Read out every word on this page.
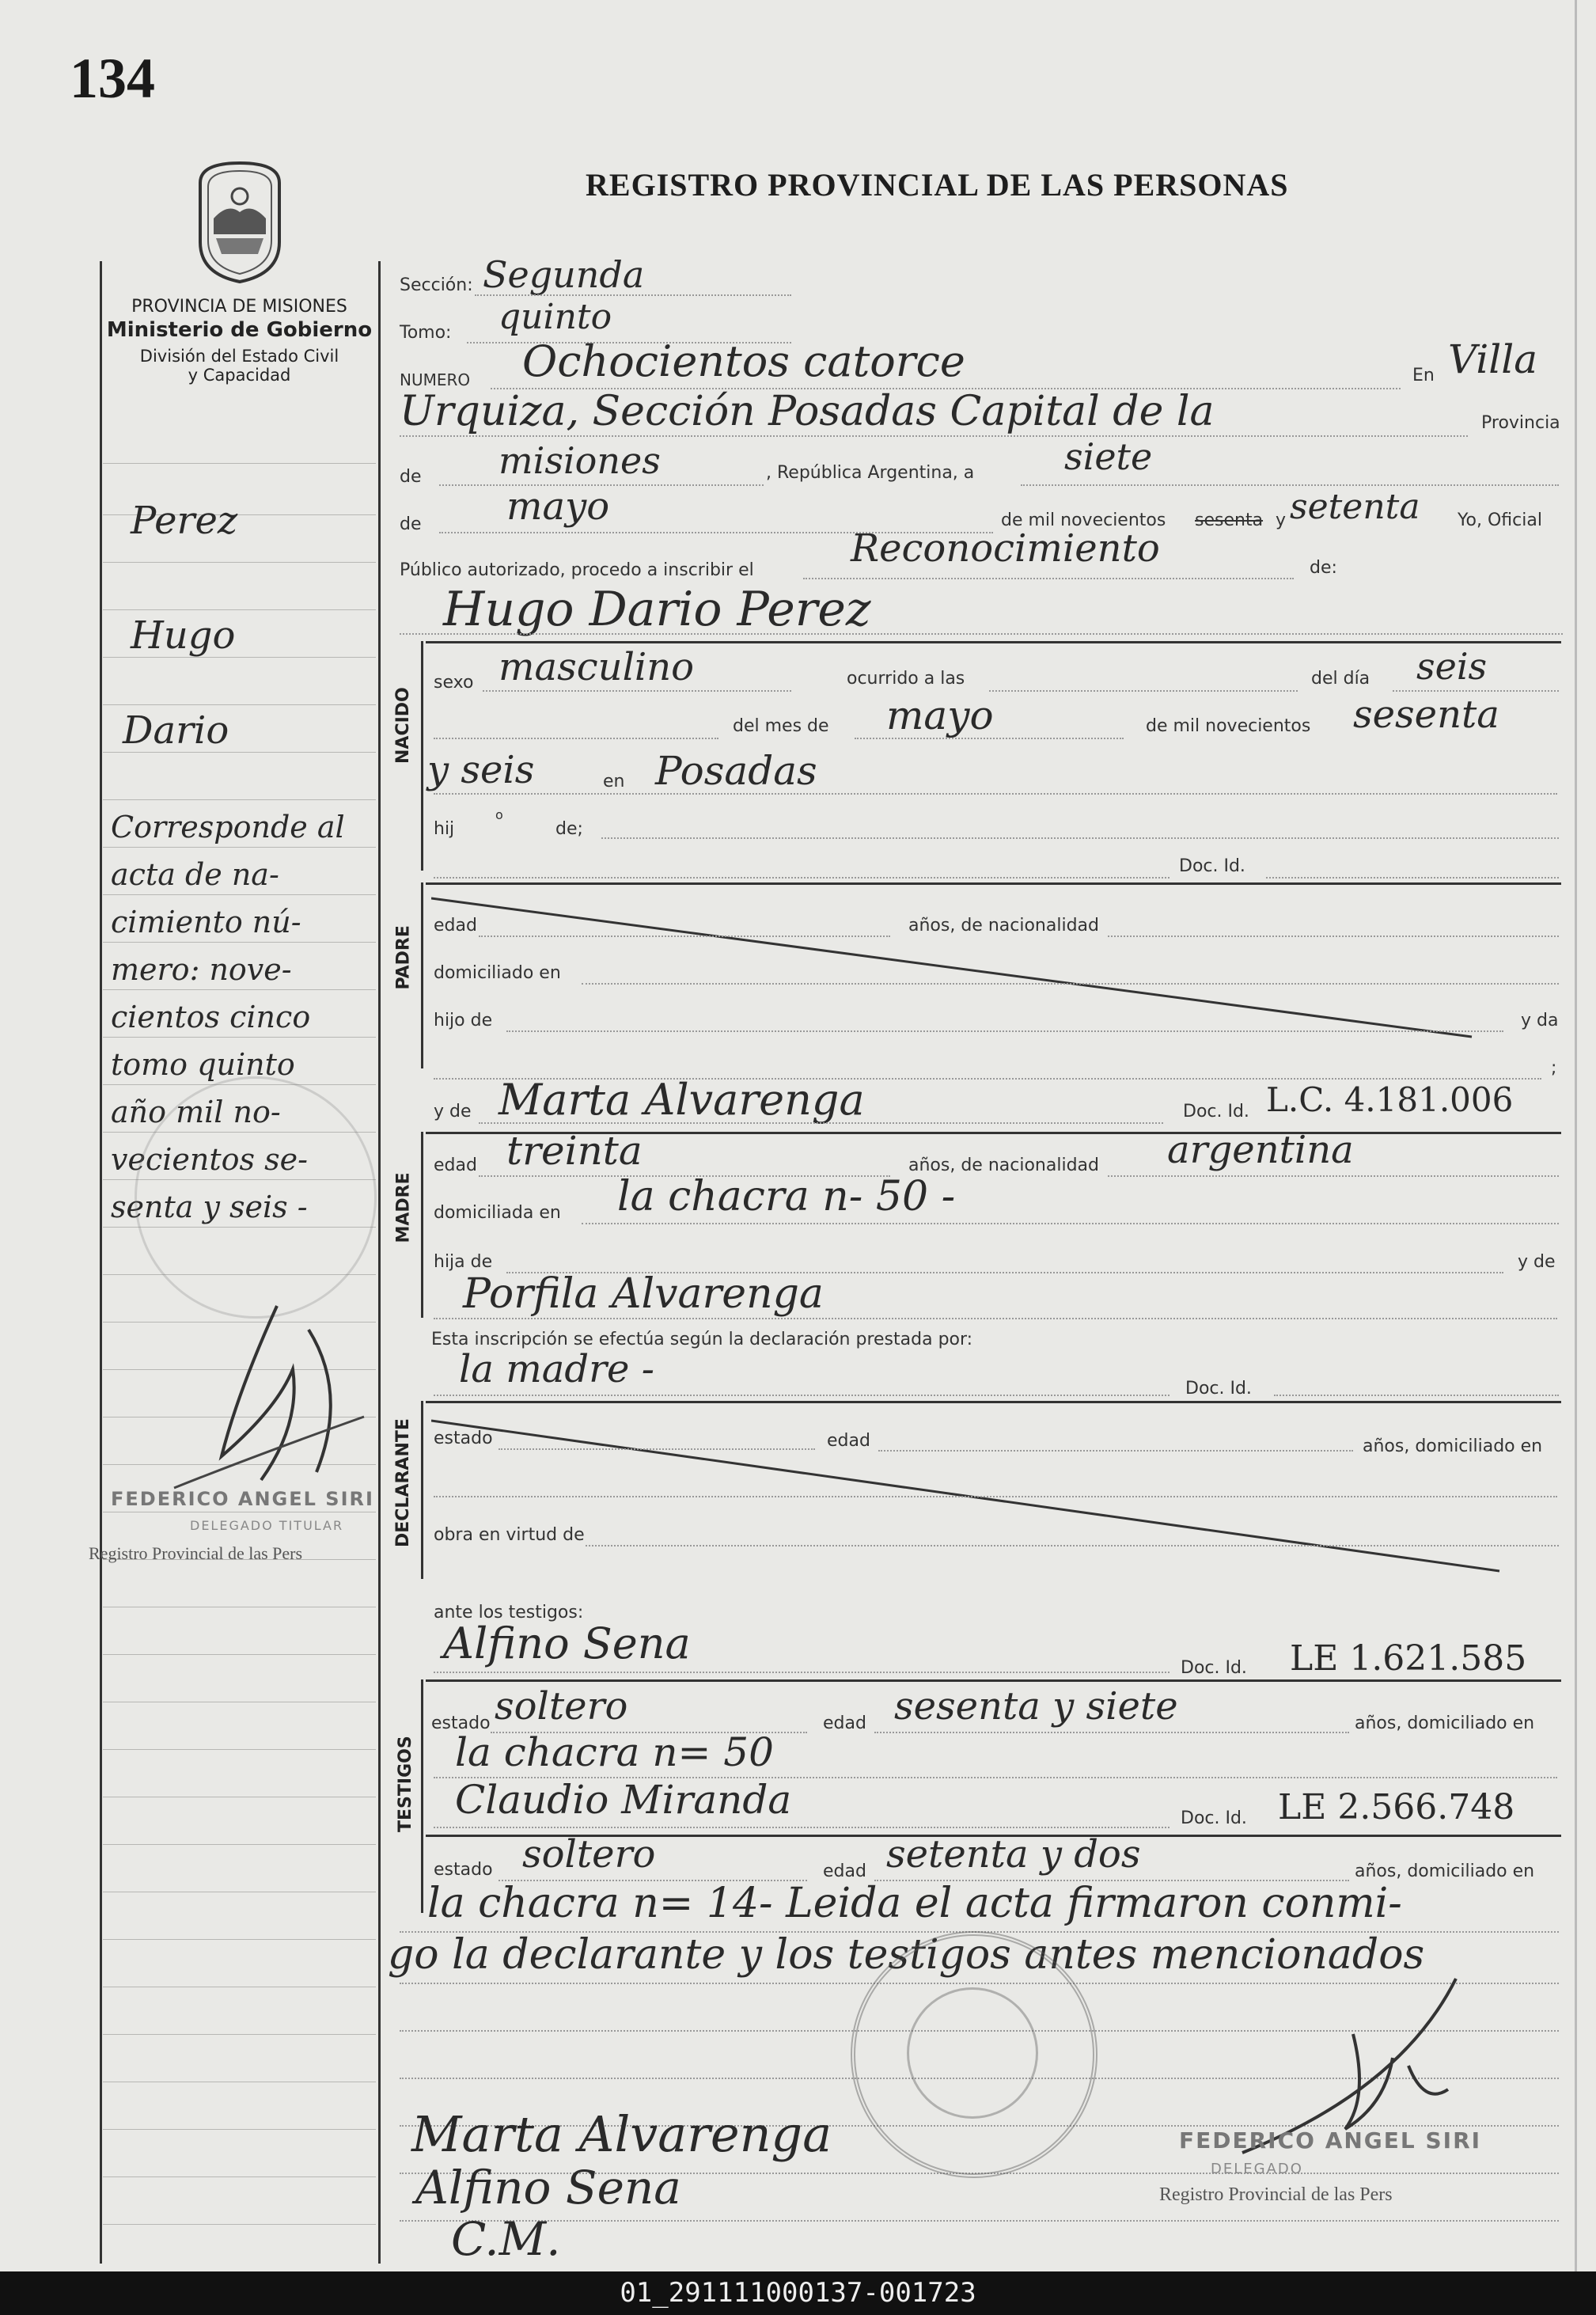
134
REGISTRO PROVINCIAL DE LAS PERSONAS
PROVINCIA DE MISIONES
Ministerio de Gobierno
División del Estado Civil
y Capacidad
Perez
Hugo
Dario
Corresponde al
acta de na-
cimiento nú-
mero: nove-
cientos cinco
tomo quinto
año mil no-
vecientos se-
senta y seis -
FEDERICO ANGEL SIRI
DELEGADO TITULAR
Registro Provincial de las Pers
Sección: Segunda
Tomo: quinto
NUMERO Ochocientos catorce	En Villa
Urquiza, Sección Posadas Capital de la	Provincia
de misiones	, República Argentina, a siete
de mayo	de mil novecientos sesenta y setenta Yo, Oficial
Público autorizado, procedo a inscribir el	Reconocimiento	de:
Hugo Dario Perez
NACIDO
sexo masculino	ocurrido a las	del día seis
del mes de mayo	de mil novecientos sesenta
y seis	en Posadas
hij
o
de;
Doc. Id.
PADRE edad	años, de nacionalidad
domiciliado en
hijo de	y da
;
y de Marta Alvarenga	Doc. Id. L.C. 4.181.006
MADRE
edad treinta	años, de nacionalidad argentina
domiciliada en la chacra n- 50 -
hija de	y de
Porfila Alvarenga
Esta inscripción se efectúa según la declaración prestada por:
la madre -	Doc. Id.
DECLARANTE estado	edad	años, domiciliado en
obra en virtud de
ante los testigos:
Alfino Sena	Doc. Id. LE 1.621.585
TESTIGOS
estado soltero	edad sesenta y siete	años, domiciliado en
la chacra n= 50
Claudio Miranda	Doc. Id. LE 2.566.748
estado soltero	edad setenta y dos	años, domiciliado en
la chacra n= 14- Leida el acta firmaron conmi-
go la declarante y los testigos antes mencionados
FEDERICO ANGEL SIRI
DELEGADO
Registro Provincial de las Pers
Marta Alvarenga
Alfino Sena
C.M.
01_291111000137-001723
